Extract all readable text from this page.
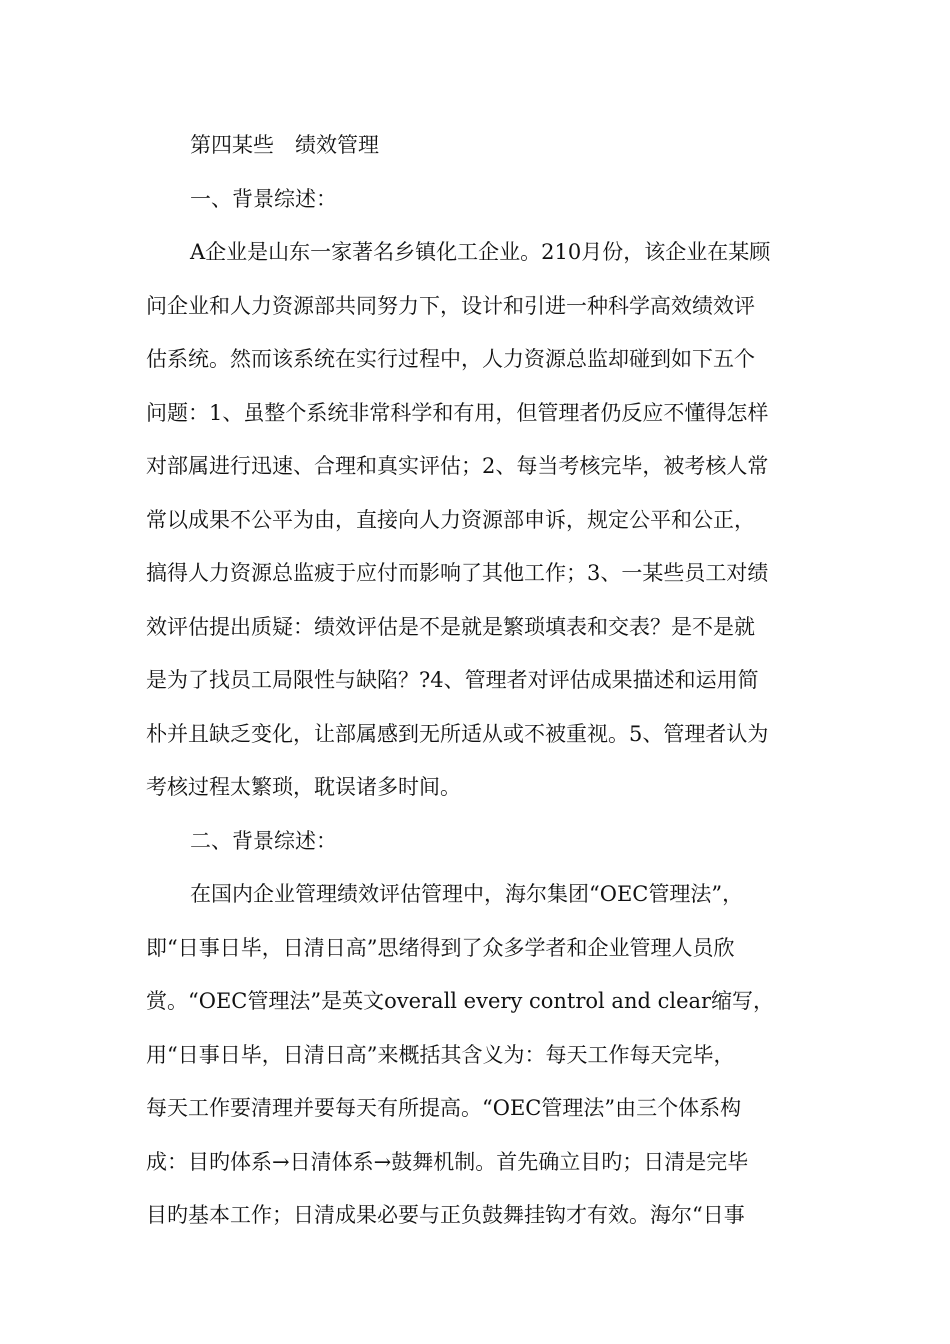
第四某些　绩效管理
一、背景综述：
A企业是山东一家著名乡镇化工企业。210月份，该企业在某顾
问企业和人力资源部共同努力下，设计和引进一种科学高效绩效评
估系统。然而该系统在实行过程中，人力资源总监却碰到如下五个
问题：1、虽整个系统非常科学和有用，但管理者仍反应不懂得怎样
对部属进行迅速、合理和真实评估；2、每当考核完毕，被考核人常
常以成果不公平为由，直接向人力资源部申诉，规定公平和公正，
搞得人力资源总监疲于应付而影响了其他工作；3、一某些员工对绩
效评估提出质疑：绩效评估是不是就是繁琐填表和交表？是不是就
是为了找员工局限性与缺陷？?4、管理者对评估成果描述和运用简
朴并且缺乏变化，让部属感到无所适从或不被重视。5、管理者认为
考核过程太繁琐，耽误诸多时间。
二、背景综述：
在国内企业管理绩效评估管理中，海尔集团“OEC管理法”，
即“日事日毕，日清日高”思绪得到了众多学者和企业管理人员欣
赏。“OEC管理法”是英文overall every control and clear缩写，
用“日事日毕，日清日高”来概括其含义为：每天工作每天完毕，
每天工作要清理并要每天有所提高。“OEC管理法”由三个体系构
成：目旳体系→日清体系→鼓舞机制。首先确立目旳；日清是完毕
目旳基本工作；日清成果必要与正负鼓舞挂钩才有效。海尔“日事
